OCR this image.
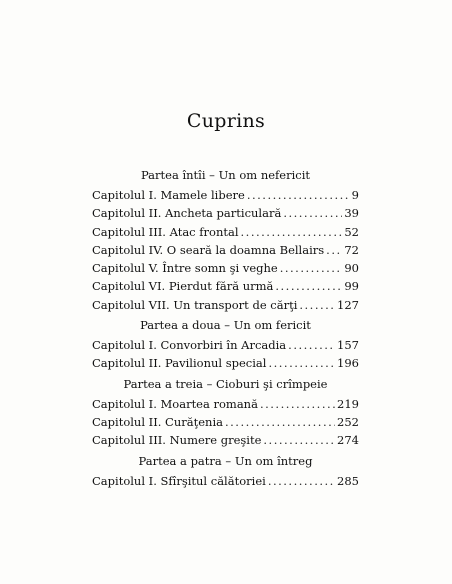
Cuprins
Partea întîi – Un om nefericit
Capitolul I. Mamele libere .....	9
Capitolul II. Ancheta particulară .....	39
Capitolul III. Atac frontal .....	52
Capitolul IV. O seară la doamna Bellairs ..... 72
Capitolul V. Între somn şi veghe .....	90
Capitolul VI. Pierdut fără urmă .....	99
Capitolul VII. Un transport de cărţi .....	127
Partea a doua – Un om fericit
Capitolul I. Convorbiri în Arcadia .....	157
Capitolul II. Pavilionul special .....	196
Partea a treia – Cioburi şi crîmpeie
Capitolul I. Moartea romană .....	219
Capitolul II. Curăţenia .....	252
Capitolul III. Numere greşite .....	274
Partea a patra – Un om întreg
Capitolul I. Sfîrşitul călătoriei .....	285
